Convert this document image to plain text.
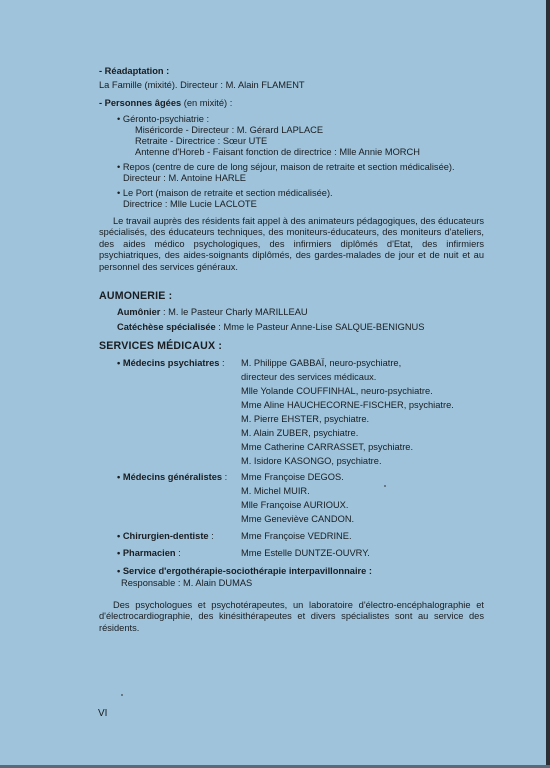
- Réadaptation :
La Famille (mixité). Directeur : M. Alain FLAMENT
- Personnes âgées (en mixité) :
• Géronto-psychiatrie :
Miséricorde - Directeur : M. Gérard LAPLACE
Retraite - Directrice : Sœur UTE
Antenne d'Horeb - Faisant fonction de directrice : Mlle Annie MORCH
• Repos (centre de cure de long séjour, maison de retraite et section médicalisée).
Directeur : M. Antoine HARLE
• Le Port (maison de retraite et section médicalisée).
Directrice : Mlle Lucie LACLOTE

Le travail auprès des résidents fait appel à des animateurs pédagogiques, des éducateurs spécialisés, des éducateurs techniques, des moniteurs-éducateurs, des moniteurs d'ateliers, des aides médico psychologiques, des infirmiers diplômés d'Etat, des infirmiers psychiatriques, des aides-soignants diplômés, des gardes-malades de jour et de nuit et au personnel des services généraux.

AUMONERIE :
Aumônier : M. le Pasteur Charly MARILLEAU
Catéchèse spécialisée : Mme le Pasteur Anne-Lise SALQUE-BENIGNUS
SERVICES MÉDICAUX :
• Médecins psychiatres : M. Philippe GABBAÏ, neuro-psychiatre,
directeur des services médicaux.
Mlle Yolande COUFFINHAL, neuro-psychiatre.
Mme Aline HAUCHECORNE-FISCHER, psychiatre.
M. Pierre EHSTER, psychiatre.
M. Alain ZUBER, psychiatre.
Mme Catherine CARRASSET, psychiatre.
M. Isidore KASONGO, psychiatre.
• Médecins généralistes : Mme Françoise DEGOS.
M. Michel MUIR.
Mlle Françoise AURIOUX.
Mme Geneviève CANDON.
• Chirurgien-dentiste :	Mme Françoise VEDRINE.
• Pharmacien :	Mme Estelle DUNTZE-OUVRY.
• Service d'ergothérapie-sociothérapie interpavillonnaire :
Responsable : M. Alain DUMAS

Des psychologues et psychotérapeutes, un laboratoire d'électro-encéphalographie et d'électrocardiographie, des kinésithérapeutes et divers spécialistes sont au service des résidents.

VI
